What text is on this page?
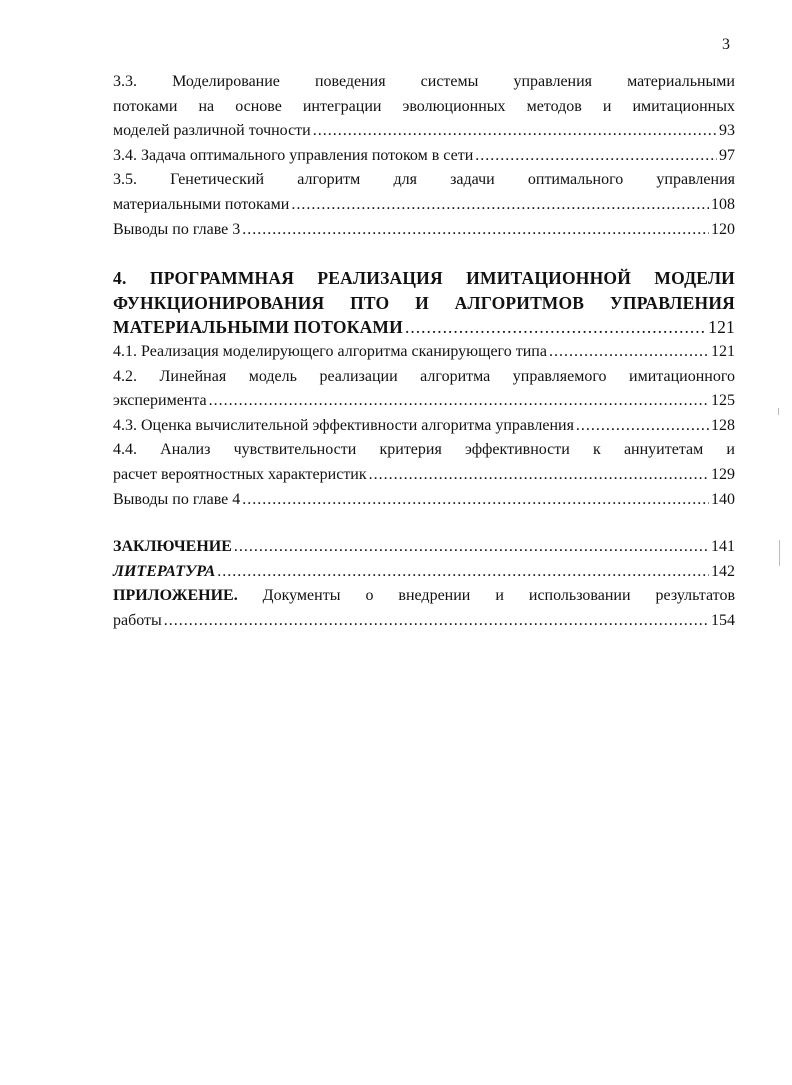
3
3.3. Моделирование поведения системы управления материальными
потоками на основе интеграции эволюционных методов и имитационных
моделей различной точности .....	93
3.4. Задача оптимального управления потоком в сети .....	97
3.5. Генетический алгоритм для задачи оптимального управления
материальными потоками .....	108
Выводы по главе 3 .....	120
4. ПРОГРАММНАЯ РЕАЛИЗАЦИЯ ИМИТАЦИОННОЙ МОДЕЛИ
ФУНКЦИОНИРОВАНИЯ ПТО И АЛГОРИТМОВ УПРАВЛЕНИЯ
МАТЕРИАЛЬНЫМИ ПОТОКАМИ .....	121
4.1. Реализация моделирующего алгоритма сканирующего типа .....	121
4.2. Линейная модель реализации алгоритма управляемого имитационного
эксперимента .....	125
4.3. Оценка вычислительной эффективности алгоритма управления .....	128
4.4. Анализ чувствительности критерия эффективности к аннуитетам и
расчет вероятностных характеристик .....	129
Выводы по главе 4 .....	140
ЗАКЛЮЧЕНИЕ .....	141
ЛИТЕРАТУРА .....	142
ПРИЛОЖЕНИЕ. Документы о внедрении и использовании результатов
работы .....	154
